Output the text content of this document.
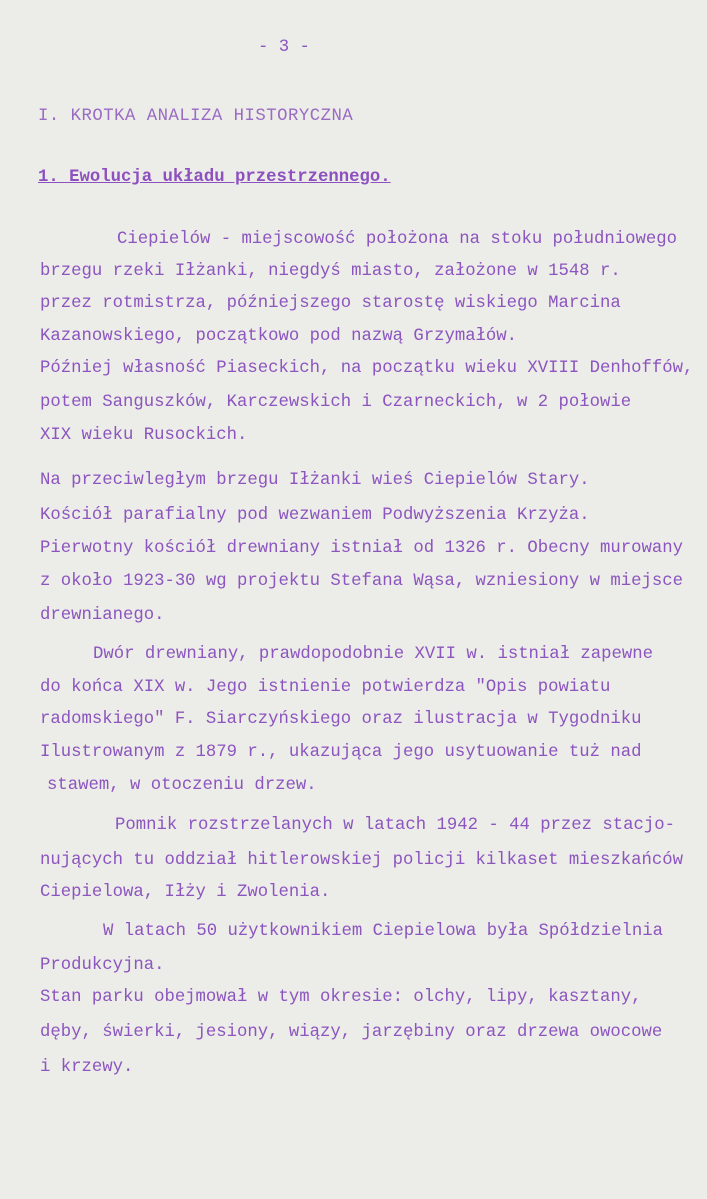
- 3 -
I. KROTKA ANALIZA HISTORYCZNA
1. Ewolucja układu przestrzennego.
Ciepielów - miejscowość położona na stoku południowego
brzegu rzeki Iłżanki, niegdyś miasto, założone w 1548 r.
przez rotmistrza, późniejszego starostę wiskiego Marcina
Kazanowskiego, początkowo pod nazwą Grzymałów.
Później własność Piaseckich, na początku wieku XVIII Denhoffów,
potem Sanguszków, Karczewskich i Czarneckich, w 2 połowie
XIX wieku Rusockich.
Na przeciwległym brzegu Iłżanki wieś Ciepielów Stary.
Kościół parafialny pod wezwaniem Podwyższenia Krzyża.
Pierwotny kościół drewniany istniał od 1326 r. Obecny murowany
z około 1923-30 wg projektu Stefana Wąsa, wzniesiony w miejsce
drewnianego.
Dwór drewniany, prawdopodobnie XVII w. istniał zapewne
do końca XIX w. Jego istnienie potwierdza "Opis powiatu
radomskiego" F. Siarczyńskiego oraz ilustracja w Tygodniku
Ilustrowanym z 1879 r., ukazująca jego usytuowanie tuż nad
stawem, w otoczeniu drzew.
Pomnik rozstrzelanych w latach 1942 - 44 przez stacjo-
nujących tu oddział hitlerowskiej policji kilkaset mieszkańców
Ciepielowa, Iłży i Zwolenia.
W latach 50 użytkownikiem Ciepielowa była Spółdzielnia
Produkcyjna.
Stan parku obejmował w tym okresie: olchy, lipy, kasztany,
dęby, świerki, jesiony, wiązy, jarzębiny oraz drzewa owocowe
i krzewy.
